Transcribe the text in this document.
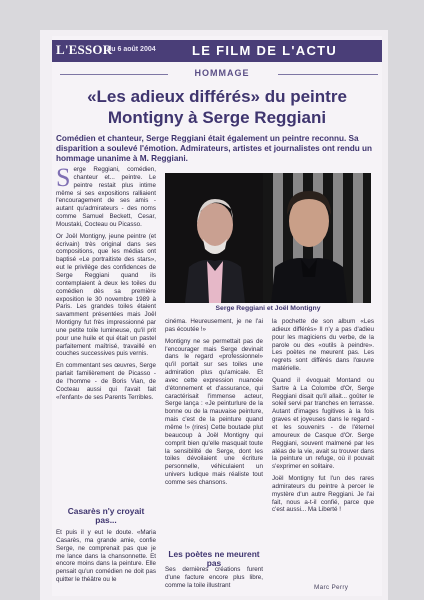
L'ESSOR
du 6 août 2004	LE FILM DE L'ACTU
HOMMAGE
«Les adieux différés» du peintre
Montigny à Serge Reggiani
Comédien et chanteur, Serge Reggiani était également un peintre reconnu. Sa disparition a soulevé l'émotion. Admirateurs, artistes et journalistes ont rendu un hommage unanime à M. Reggiani.

Serge Reggiani, comédien, chanteur et... peintre. Le peintre restait plus intime même si ses expositions ralliaient l'encouragement de ses amis - autant qu'admirateurs - des noms comme Samuel Beckett, Cesar, Moustaki, Cocteau ou Picasso.

Or Joël Montigny, jeune peintre (et écrivain) très original dans ses compositions, que les médias ont baptisé «Le portraitiste des stars», eut le privilège des confidences de Serge Reggiani quand ils contemplaient à deux les toiles du comédien dès sa première exposition le 30 novembre 1989 à Paris. Les grandes toiles étaient savamment présentées mais Joël Montigny fut frès impressionné par une petite toile lumineuse, qu'il prit pour une huile et qui était un pastel parfaitement maîtrisé, travaillé en couches successives puis vernis.

En commentant ses œuvres, Serge parlait familièrement de Picasso - de l'homme - de Boris Vian, de Cocteau aussi qui l'avait fait «l'enfant» de ses Parents Terribles.

Casarès n'y croyait pas...

Et puis il y eut le doute. «Maria Casarès, ma grande amie, confie Serge, ne comprenait pas que je me lance dans la chansonnette. Et encore moins dans la peinture. Elle pensait qu'un comédien ne doit pas quitter le théâtre ou le

Serge Reggiani et Joël Montigny

cinéma. Heureusement, je ne l'ai pas écoutée !»

Montigny ne se permettait pas de l'encourager mais Serge devinait dans le regard «professionnel» qu'il portait sur ses toiles une admiration plus qu'amicale. Et avec cette expression nuancée d'étonnement et d'assurance, qui caractérisait l'immense acteur, Serge lança : «Je peinturlure de la bonne ou de la mauvaise peinture, mais c'est de la peinture quand même !» (rires) Cette boutade plut beaucoup à Joël Montigny qui comprit bien qu'elle masquait toute la sensibilité de Serge, dont les toiles dévoilaient une écriture personnelle, véhiculaient un univers ludique mais réaliste tout comme ses chansons.

Les poètes ne meurent pas

Ses dernières créations furent d'une facture encore plus libre, comme la toile illustrant

la pochette de son album «Les adieux différés» Il n'y a pas d'adieu pour les magiciens du verbe, de la parole ou des «outils à peindre». Les poètes ne meurent pas. Les regrets sont différés dans l'œuvre matérielle.

Quand il évoquait Montand ou Sartre à La Colombe d'Or, Serge Reggiani disait qu'il allait... goûter le soleil servi par tranches en terrasse. Autant d'images fugitives à la fois graves et joyeuses dans le regard - et les souvenirs - de l'éternel amoureux de Casque d'Or. Serge Reggiani, souvent malmené par les aléas de la vie, avait su trouver dans la peinture un refuge, où il pouvait s'exprimer en solitaire.

Joël Montigny fut l'un des rares admirateurs du peintre à percer le mystère d'un autre Reggiani. Je l'ai fait, nous a-t-il confié, parce que c'est aussi... Ma Liberté !

Marc Perry
